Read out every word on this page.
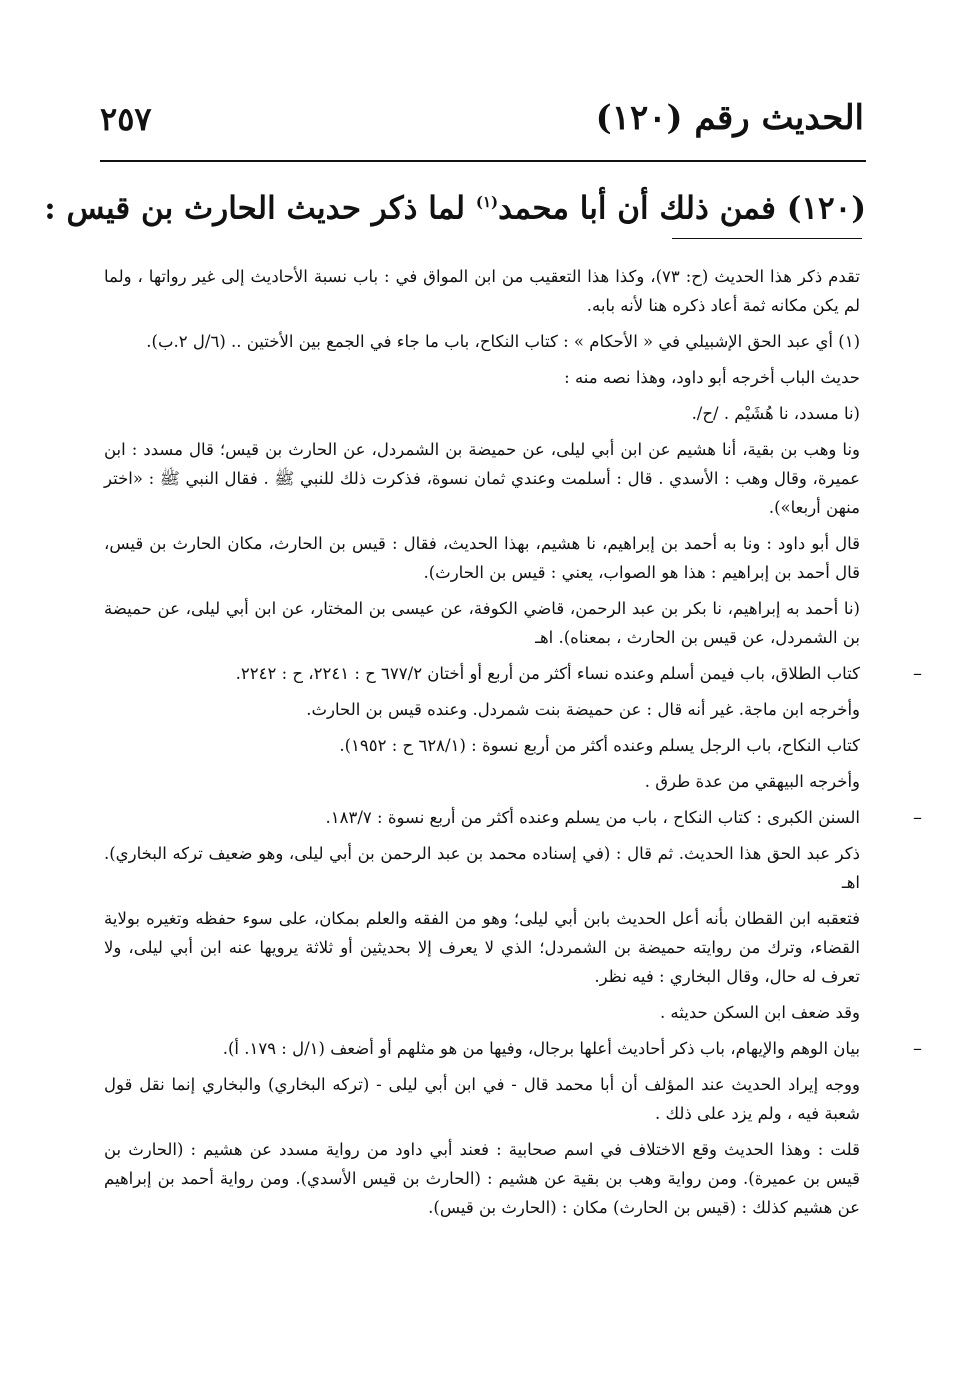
الحديث رقم (١٢٠)
٢٥٧
(١٢٠) فمن ذلك أن أبا محمد$^{(١)}$ لما ذكر حديث الحارث بن قيس :

تقدم ذكر هذا الحديث (ح: ٧٣)، وكذا هذا التعقيب من ابن المواق في : باب نسبة الأحاديث إلى غير رواتها ، ولما لم يكن مكانه ثمة أعاد ذكره هنا لأنه بابه.

(١) أي عبد الحق الإشبيلي في « الأحكام » : كتاب النكاح، باب ما جاء في الجمع بين الأختين .. (٦/ل ٢.ب).

حديث الباب أخرجه أبو داود، وهذا نصه منه :

(نا مسدد، نا هُشَيْم . /ح/.

ونا وهب بن بقية، أنا هشيم عن ابن أبي ليلى، عن حميضة بن الشمردل، عن الحارث بن قيس؛ قال مسدد : ابن عميرة، وقال وهب : الأسدي . قال : أسلمت وعندي ثمان نسوة، فذكرت ذلك للنبي ﷺ . فقال النبي ﷺ : «اختر منهن أربعا»).

قال أبو داود : ونا به أحمد بن إبراهيم، نا هشيم، بهذا الحديث، فقال : قيس بن الحارث، مكان الحارث بن قيس، قال أحمد بن إبراهيم : هذا هو الصواب، يعني : قيس بن الحارث).

(نا أحمد به إبراهيم، نا بكر بن عبد الرحمن، قاضي الكوفة، عن عيسى بن المختار، عن ابن أبي ليلى، عن حميضة بن الشمردل، عن قيس بن الحارث ، بمعناه). اهـ

–
كتاب الطلاق، باب فيمن أسلم وعنده نساء أكثر من أربع أو أختان ٦٧٧/٢ ح : ٢٢٤١، ح : ٢٢٤٢.

وأخرجه ابن ماجة. غير أنه قال : عن حميضة بنت شمردل. وعنده قيس بن الحارث.

كتاب النكاح، باب الرجل يسلم وعنده أكثر من أربع نسوة : (٦٢٨/١ ح : ١٩٥٢).

وأخرجه البيهقي من عدة طرق .

–
السنن الكبرى : كتاب النكاح ، باب من يسلم وعنده أكثر من أربع نسوة : ١٨٣/٧.

ذكر عبد الحق هذا الحديث. ثم قال : (في إسناده محمد بن عبد الرحمن بن أبي ليلى، وهو ضعيف تركه البخاري). اهـ

فتعقبه ابن القطان بأنه أعل الحديث بابن أبي ليلى؛ وهو من الفقه والعلم بمكان، على سوء حفظه وتغيره بولاية القضاء، وترك من روايته حميضة بن الشمردل؛ الذي لا يعرف إلا بحديثين أو ثلاثة يرويها عنه ابن أبي ليلى، ولا تعرف له حال، وقال البخاري : فيه نظر.

وقد ضعف ابن السكن حديثه .

–
بيان الوهم والإيهام، باب ذكر أحاديث أعلها برجال، وفيها من هو مثلهم أو أضعف (١/ل : ١٧٩. أ).

ووجه إيراد الحديث عند المؤلف أن أبا محمد قال - في ابن أبي ليلى - (تركه البخاري) والبخاري إنما نقل قول شعبة فيه ، ولم يزد على ذلك .

قلت : وهذا الحديث وقع الاختلاف في اسم صحابية : فعند أبي داود من رواية مسدد عن هشيم : (الحارث بن قيس بن عميرة). ومن رواية وهب بن بقية عن هشيم : (الحارث بن قيس الأسدي). ومن رواية أحمد بن إبراهيم عن هشيم كذلك : (قيس بن الحارث) مكان : (الحارث بن قيس).
